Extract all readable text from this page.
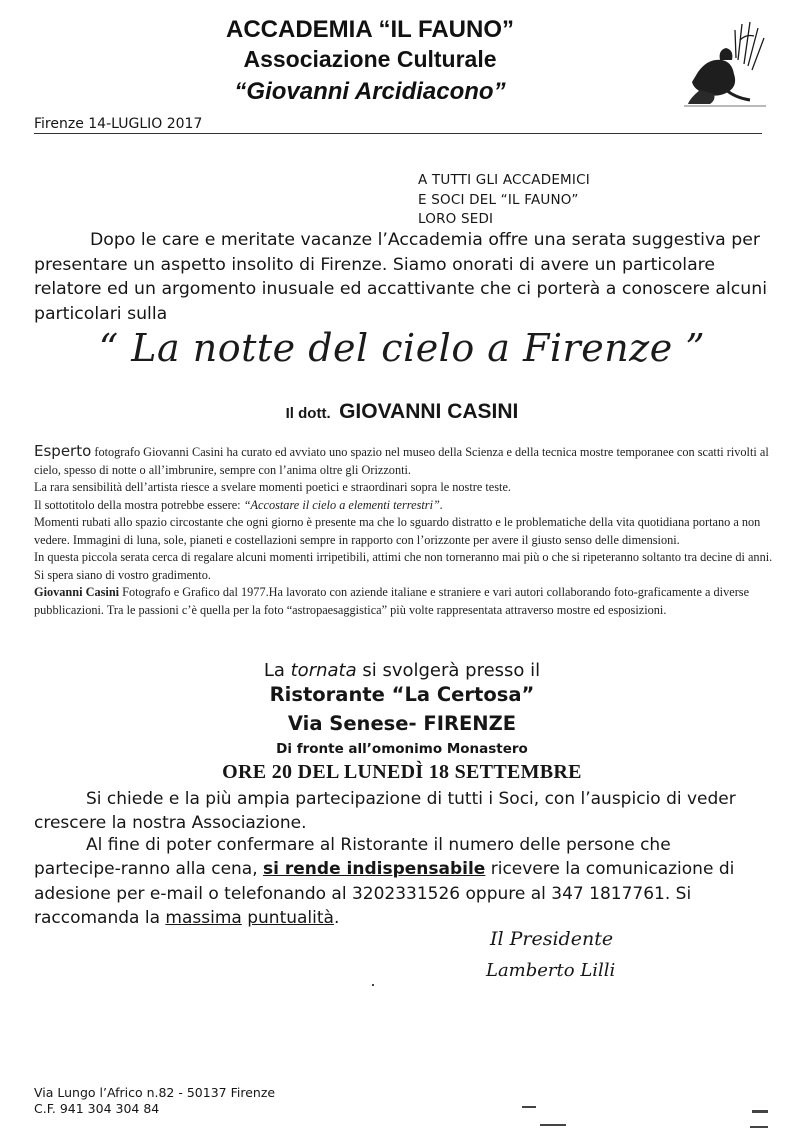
ACCADEMIA “IL FAUNO”
Associazione Culturale
“Giovanni Arcidiacono”
Firenze 14-LUGLIO 2017
A TUTTI GLI ACCADEMICI
E SOCI DEL “IL FAUNO”
LORO SEDI
Dopo le care e meritate vacanze l’Accademia offre una serata suggestiva per presentare un aspetto insolito di Firenze. Siamo onorati di avere un particolare relatore ed un argomento inusuale ed accattivante che ci porterà a conoscere alcuni particolari sulla
“ La notte del cielo a Firenze ”
Il dott. GIOVANNI CASINI
Esperto fotografo Giovanni Casini ha curato ed avviato uno spazio nel museo della Scienza e della tecnica mostre temporanee con scatti rivolti al cielo, spesso di notte o all’imbrunire, sempre con l’anima oltre gli Orizzonti.
La rara sensibilità dell’artista riesce a svelare momenti poetici e straordinari sopra le nostre teste.
Il sottotitolo della mostra potrebbe essere: “Accostare il cielo a elementi terrestri”.
Momenti rubati allo spazio circostante che ogni giorno è presente ma che lo sguardo distratto e le problematiche della vita quotidiana portano a non vedere. Immagini di luna, sole, pianeti e costellazioni sempre in rapporto con l’orizzonte per avere il giusto senso delle dimensioni.
In questa piccola serata cerca di regalare alcuni momenti irripetibili, attimi che non torneranno mai più o che si ripeteranno soltanto tra decine di anni. Si spera siano di vostro gradimento.
Giovanni Casini Fotografo e Grafico dal 1977.Ha lavorato con aziende italiane e straniere e vari autori collaborando foto-graficamente a diverse pubblicazioni. Tra le passioni c’è quella per la foto “astropaesaggistica” più volte rappresentata attraverso mostre ed esposizioni.
La tornata si svolgerà presso il
Ristorante “La Certosa”
Via Senese- FIRENZE
Di fronte all’omonimo Monastero
ORE 20 DEL LUNEDÌ 18 SETTEMBRE
Si chiede e la più ampia partecipazione di tutti i Soci, con l’auspicio di veder crescere la nostra Associazione.
Al fine di poter confermare al Ristorante il numero delle persone che partecipe-ranno alla cena, si rende indispensabile ricevere la comunicazione di adesione per e-mail o telefonando al 3202331526 oppure al 347 1817761. Si raccomanda la massima puntualità.
Il Presidente
Lamberto Lilli
Via Lungo l’Africo n.82 - 50137 Firenze
C.F. 941 304 304 84
